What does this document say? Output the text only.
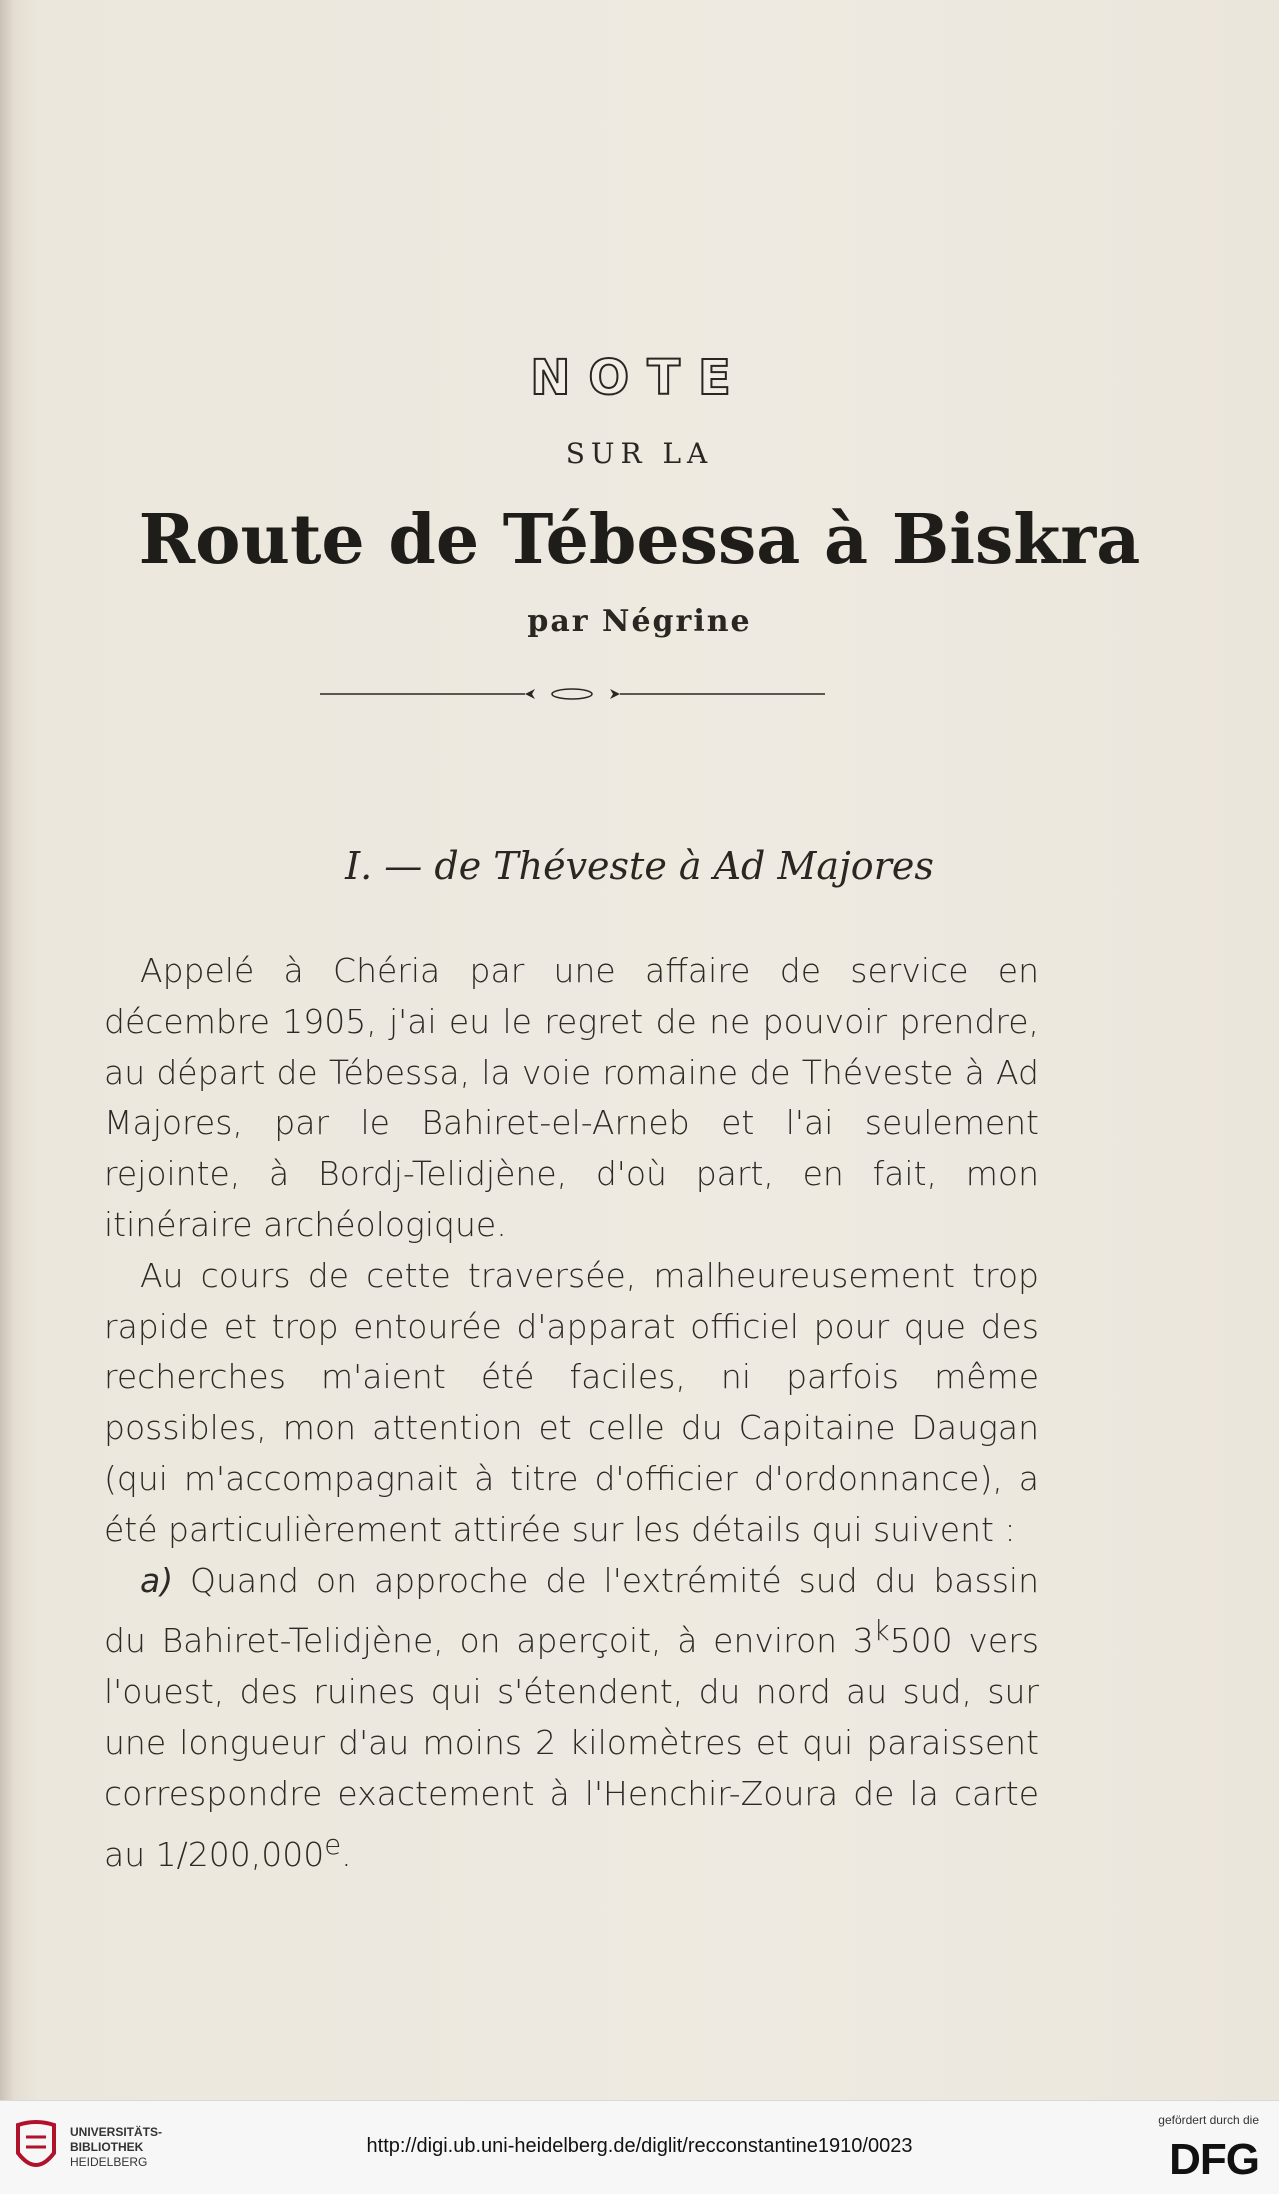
NOTE
SUR LA
Route de Tébessa à Biskra
par Négrine
I. — de Théveste à Ad Majores

Appelé à Chéria par une affaire de service en décembre 1905, j'ai eu le regret de ne pouvoir prendre, au départ de Tébessa, la voie romaine de Théveste à Ad Majores, par le Bahiret-el-Arneb et l'ai seulement rejointe, à Bordj-Telidjène, d'où part, en fait, mon itinéraire archéologique.

Au cours de cette traversée, malheureusement trop rapide et trop entourée d'apparat officiel pour que des recherches m'aient été faciles, ni parfois même possibles, mon attention et celle du Capitaine Daugan (qui m'accompagnait à titre d'officier d'ordonnance), a été particulièrement attirée sur les détails qui suivent :

a) Quand on approche de l'extrémité sud du bassin du Bahiret-Telidjène, on aperçoit, à environ 3$^k$500 vers l'ouest, des ruines qui s'étendent, du nord au sud, sur une longueur d'au moins 2 kilomètres et qui paraissent correspondre exactement à l'Henchir-Zoura de la carte au 1/200,000e.

UNIVERSITÄTS-
BIBLIOTHEK
HEIDELBERG
http://digi.ub.uni-heidelberg.de/diglit/recconstantine1910/0023
gefördert durch die
DFG
